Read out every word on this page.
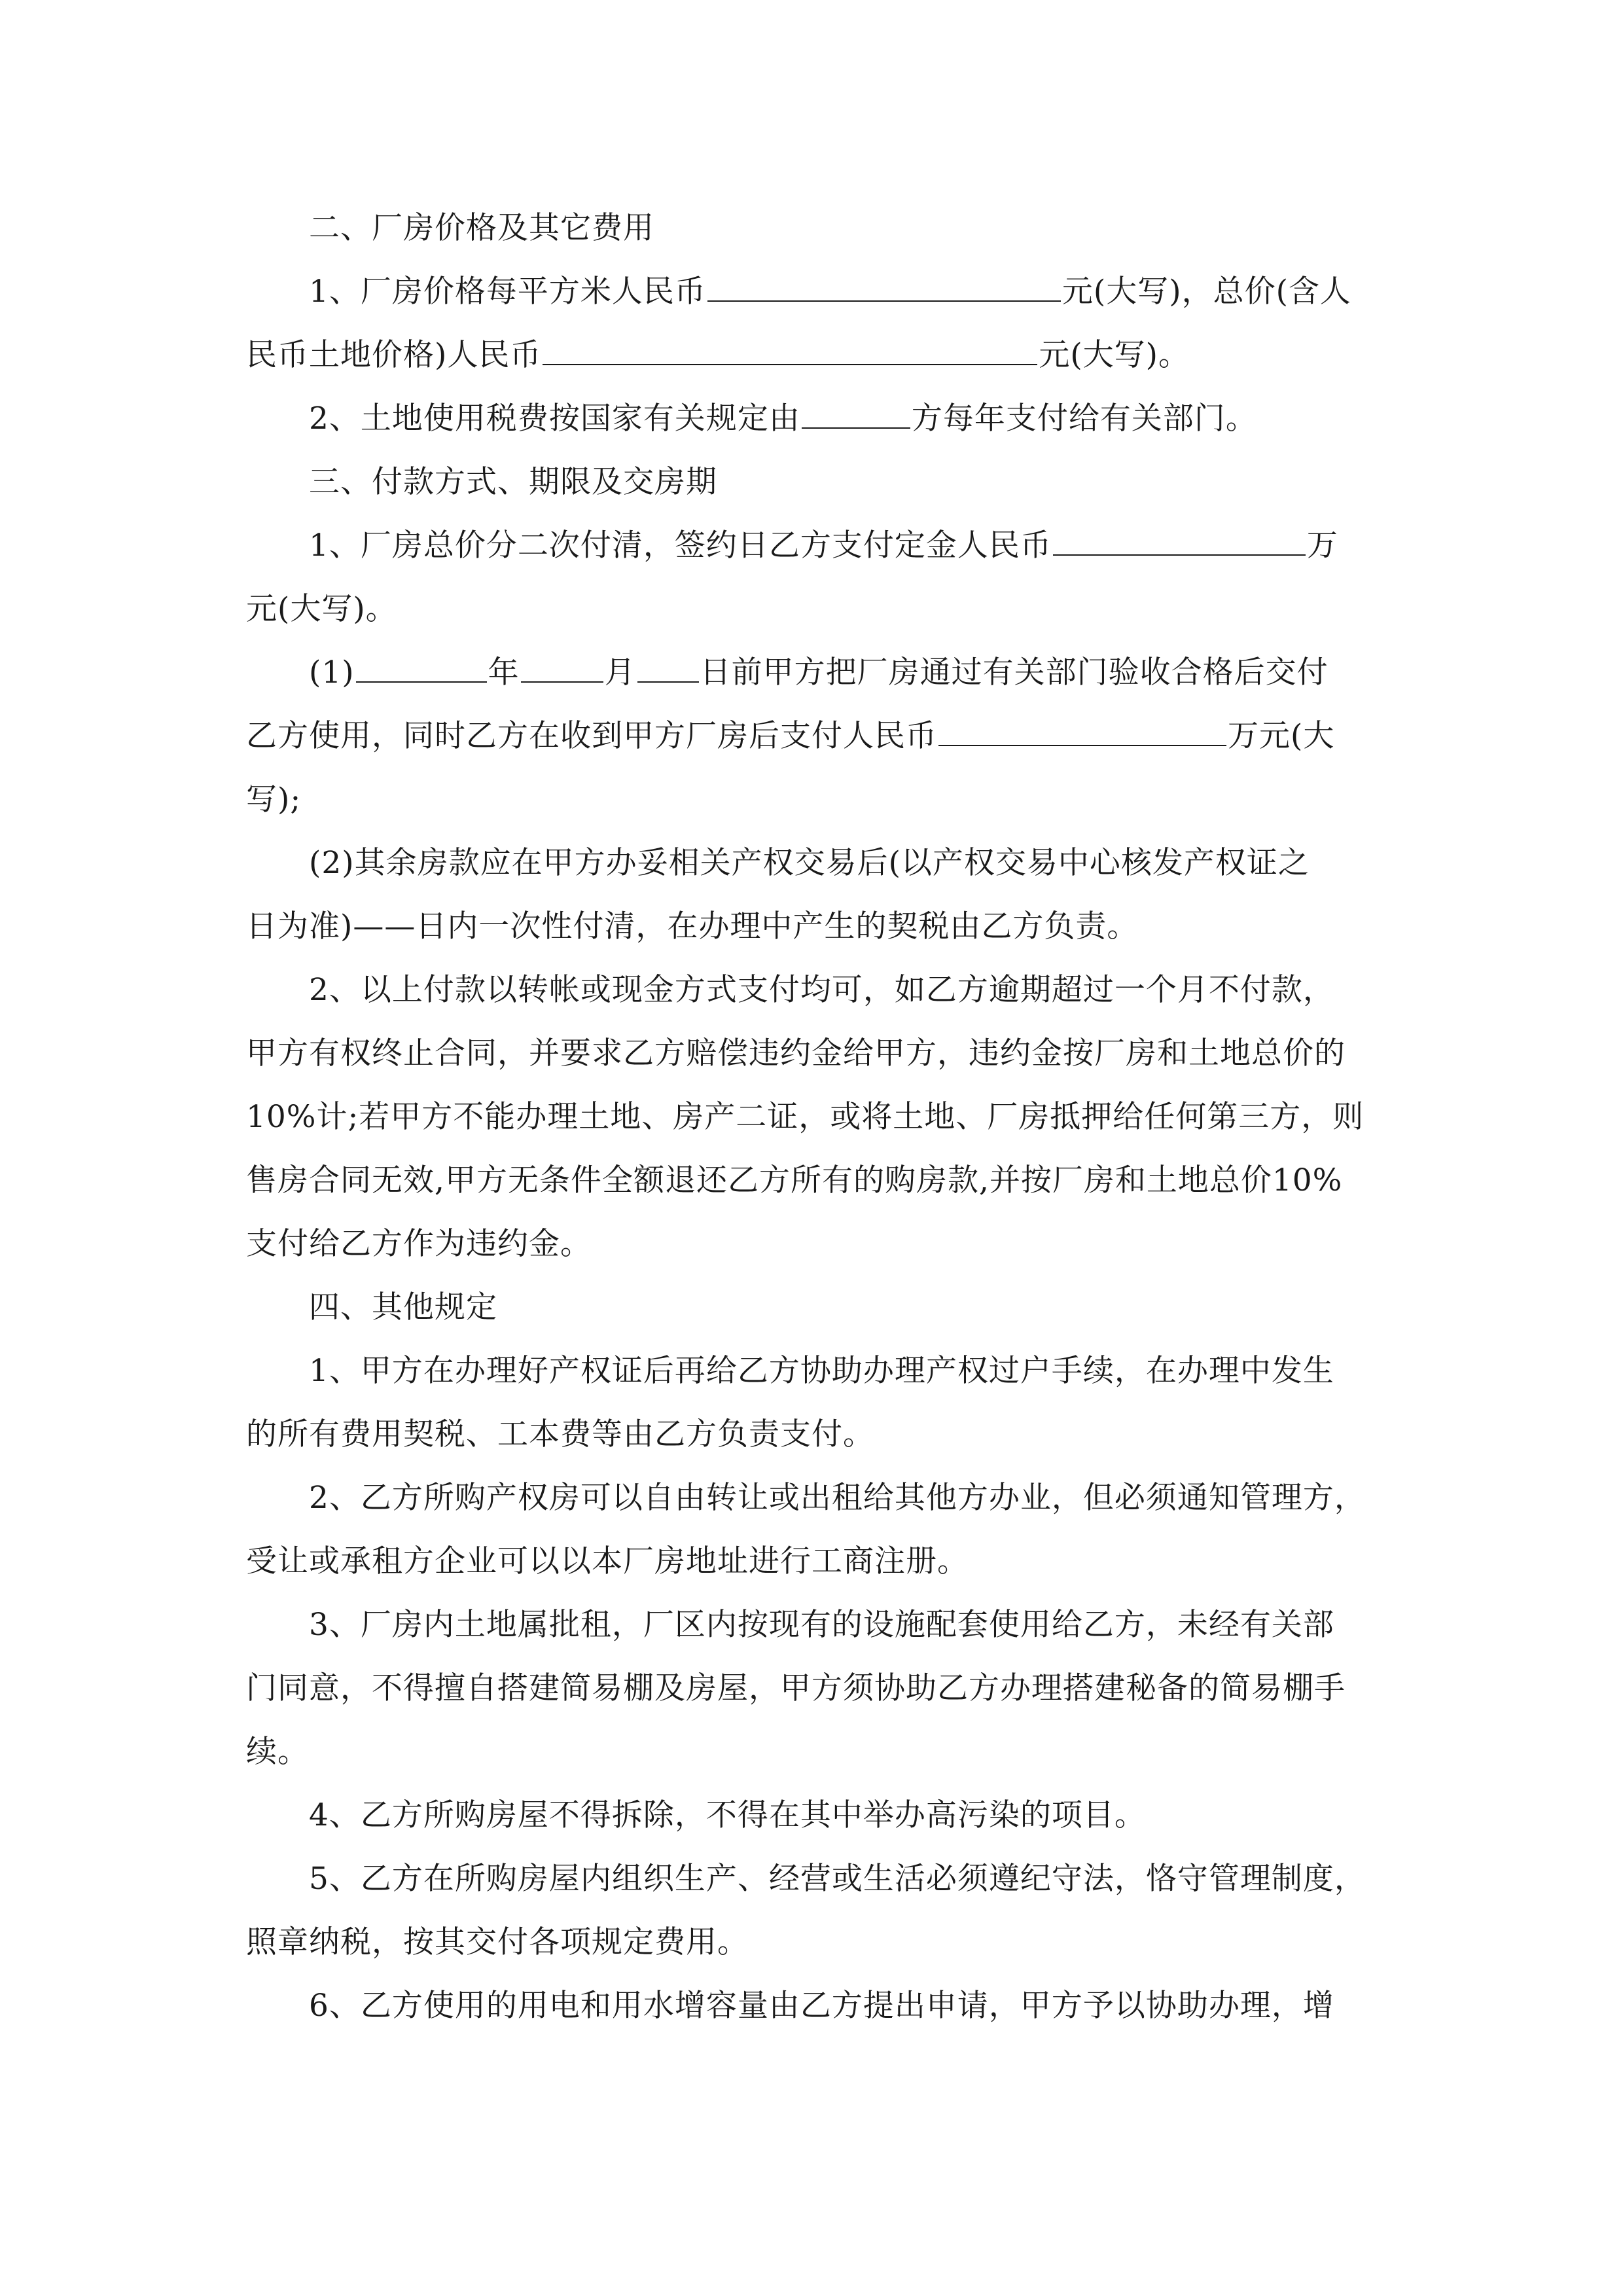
二、厂房价格及其它费用
1、厂房价格每平方米人民币	元(大写)，总价(含人
民币土地价格)人民币	元(大写)。
2、土地使用税费按国家有关规定由	方每年支付给有关部门。
三、付款方式、期限及交房期
1、厂房总价分二次付清，签约日乙方支付定金人民币	万
元(大写)。
(1)	年	月 日前甲方把厂房通过有关部门验收合格后交付
乙方使用，同时乙方在收到甲方厂房后支付人民币	万元(大
写);
(2)其余房款应在甲方办妥相关产权交易后(以产权交易中心核发产权证之
日为准)——日内一次性付清，在办理中产生的契税由乙方负责。
2、以上付款以转帐或现金方式支付均可，如乙方逾期超过一个月不付款，
甲方有权终止合同，并要求乙方赔偿违约金给甲方，违约金按厂房和土地总价的
10%计;若甲方不能办理土地、房产二证，或将土地、厂房抵押给任何第三方，则
售房合同无效,甲方无条件全额退还乙方所有的购房款,并按厂房和土地总价10%
支付给乙方作为违约金。
四、其他规定
1、甲方在办理好产权证后再给乙方协助办理产权过户手续，在办理中发生
的所有费用契税、工本费等由乙方负责支付。
2、乙方所购产权房可以自由转让或出租给其他方办业，但必须通知管理方，
受让或承租方企业可以以本厂房地址进行工商注册。
3、厂房内土地属批租，厂区内按现有的设施配套使用给乙方，未经有关部
门同意，不得擅自搭建简易棚及房屋，甲方须协助乙方办理搭建秘备的简易棚手
续。
4、乙方所购房屋不得拆除，不得在其中举办高污染的项目。
5、乙方在所购房屋内组织生产、经营或生活必须遵纪守法，恪守管理制度，
照章纳税，按其交付各项规定费用。
6、乙方使用的用电和用水增容量由乙方提出申请，甲方予以协助办理，增
